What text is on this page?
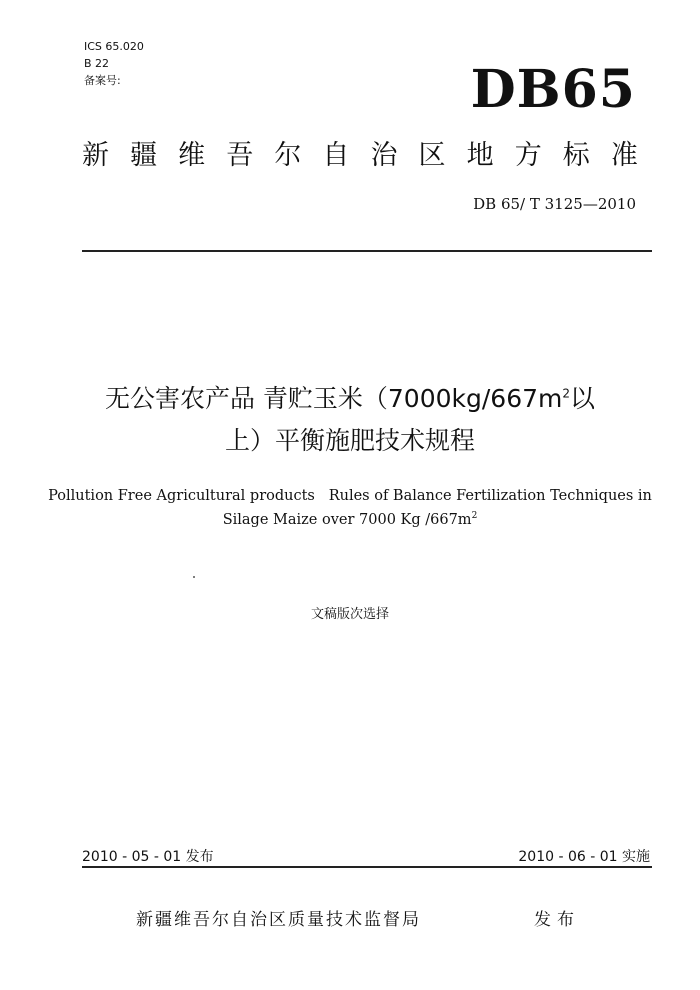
ICS 65.020
B 22
备案号:	DB65
新 疆 维 吾 尔 自 治 区 地 方 标 准
DB 65/ T 3125—2010
无公害农产品 青贮玉米（$7000kg/667m^2$以
上）平衡施肥技术规程
Pollution Free Agricultural products   Rules of Balance Fertilization Techniques in
Silage Maize over 7000 Kg $/667m^2$
文稿版次选择
2010 - 05 - 01 发布	2010 - 06 - 01 实施
新疆维吾尔自治区质量技术监督局	发布
